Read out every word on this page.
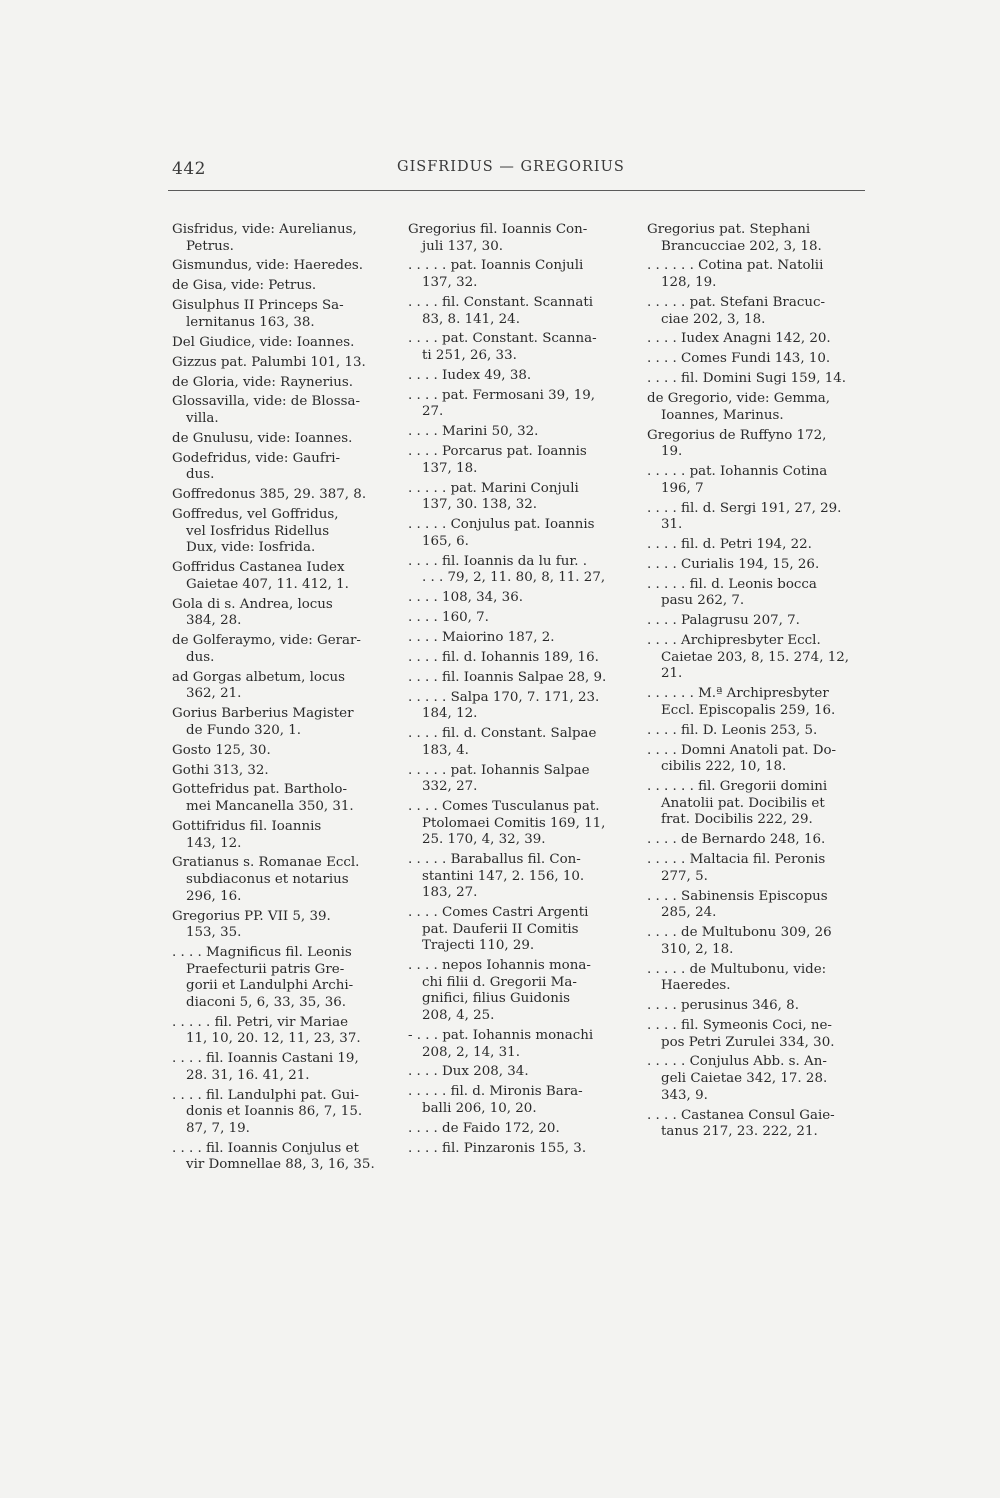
442	GISFRIDUS — GREGORIUS
Gisfridus, vide: Aurelianus,
Petrus.
Gismundus, vide: Haeredes.
de Gisa, vide: Petrus.
Gisulphus II Princeps Sa-
lernitanus 163, 38.
Del Giudice, vide: Ioannes.
Gizzus pat. Palumbi 101, 13.
de Gloria, vide: Raynerius.
Glossavilla, vide: de Blossa-
villa.
de Gnulusu, vide: Ioannes.
Godefridus, vide: Gaufri-
dus.
Goffredonus 385, 29. 387, 8.
Goffredus, vel Goffridus,
vel Iosfridus Ridellus
Dux, vide: Iosfrida.
Goffridus Castanea Iudex
Gaietae 407, 11. 412, 1.
Gola di s. Andrea, locus
384, 28.
de Golferaymo, vide: Gerar-
dus.
ad Gorgas albetum, locus
362, 21.
Gorius Barberius Magister
de Fundo 320, 1.
Gosto 125, 30.
Gothi 313, 32.
Gottefridus pat. Bartholo-
mei Mancanella 350, 31.
Gottifridus fil. Ioannis
143, 12.
Gratianus s. Romanae Eccl.
subdiaconus et notarius
296, 16.
Gregorius PP. VII 5, 39.
153, 35.
. . . . Magnificus fil. Leonis
Praefecturii patris Gre-
gorii et Landulphi Archi-
diaconi 5, 6, 33, 35, 36.
. . . . . fil. Petri, vir Mariae
11, 10, 20. 12, 11, 23, 37.
. . . . fil. Ioannis Castani 19,
28. 31, 16. 41, 21.
. . . . fil. Landulphi pat. Gui-
donis et Ioannis 86, 7, 15.
87, 7, 19.
. . . . fil. Ioannis Conjulus et
vir Domnellae 88, 3, 16, 35.
Gregorius fil. Ioannis Con-
juli 137, 30.
. . . . . pat. Ioannis Conjuli
137, 32.
. . . . fil. Constant. Scannati
83, 8. 141, 24.
. . . . pat. Constant. Scanna-
ti 251, 26, 33.
. . . . Iudex 49, 38.
. . . . pat. Fermosani 39, 19,
27.
. . . . Marini 50, 32.
. . . . Porcarus pat. Ioannis
137, 18.
. . . . . pat. Marini Conjuli
137, 30. 138, 32.
. . . . . Conjulus pat. Ioannis
165, 6.
. . . . fil. Ioannis da lu fur. .
. . . 79, 2, 11. 80, 8, 11. 27,
. . . . 108, 34, 36.
. . . . 160, 7.
. . . . Maiorino 187, 2.
. . . . fil. d. Iohannis 189, 16.
. . . . fil. Ioannis Salpae 28, 9.
. . . . . Salpa 170, 7. 171, 23.
184, 12.
. . . . fil. d. Constant. Salpae
183, 4.
. . . . . pat. Iohannis Salpae
332, 27.
. . . . Comes Tusculanus pat.
Ptolomaei Comitis 169, 11,
25. 170, 4, 32, 39.
. . . . . Baraballus fil. Con-
stantini 147, 2. 156, 10.
183, 27.
. . . . Comes Castri Argenti
pat. Dauferii II Comitis
Trajecti 110, 29.
. . . . nepos Iohannis mona-
chi filii d. Gregorii Ma-
gnifici, filius Guidonis
208, 4, 25.
- . . . pat. Iohannis monachi
208, 2, 14, 31.
. . . . Dux 208, 34.
. . . . . fil. d. Mironis Bara-
balli 206, 10, 20.
. . . . de Faido 172, 20.
. . . . fil. Pinzaronis 155, 3.
Gregorius pat. Stephani
Brancucciae 202, 3, 18.
. . . . . . Cotina pat. Natolii
128, 19.
. . . . . pat. Stefani Bracuc-
ciae 202, 3, 18.
. . . . Iudex Anagni 142, 20.
. . . . Comes Fundi 143, 10.
. . . . fil. Domini Sugi 159, 14.
de Gregorio, vide: Gemma,
Ioannes, Marinus.
Gregorius de Ruffyno 172,
19.
. . . . . pat. Iohannis Cotina
196, 7
. . . . fil. d. Sergi 191, 27, 29.
31.
. . . . fil. d. Petri 194, 22.
. . . . Curialis 194, 15, 26.
. . . . . fil. d. Leonis bocca
pasu 262, 7.
. . . . Palagrusu 207, 7.
. . . . Archipresbyter Eccl.
Caietae 203, 8, 15. 274, 12,
21.
. . . . . . M.ª Archipresbyter
Eccl. Episcopalis 259, 16.
. . . . fil. D. Leonis 253, 5.
. . . . Domni Anatoli pat. Do-
cibilis 222, 10, 18.
. . . . . . fil. Gregorii domini
Anatolii pat. Docibilis et
frat. Docibilis 222, 29.
. . . . de Bernardo 248, 16.
. . . . . Maltacia fil. Peronis
277, 5.
. . . . Sabinensis Episcopus
285, 24.
. . . . de Multubonu 309, 26
310, 2, 18.
. . . . . de Multubonu, vide:
Haeredes.
. . . . perusinus 346, 8.
. . . . fil. Symeonis Coci, ne-
pos Petri Zurulei 334, 30.
. . . . . Conjulus Abb. s. An-
geli Caietae 342, 17. 28.
343, 9.
. . . . Castanea Consul Gaie-
tanus 217, 23. 222, 21.
